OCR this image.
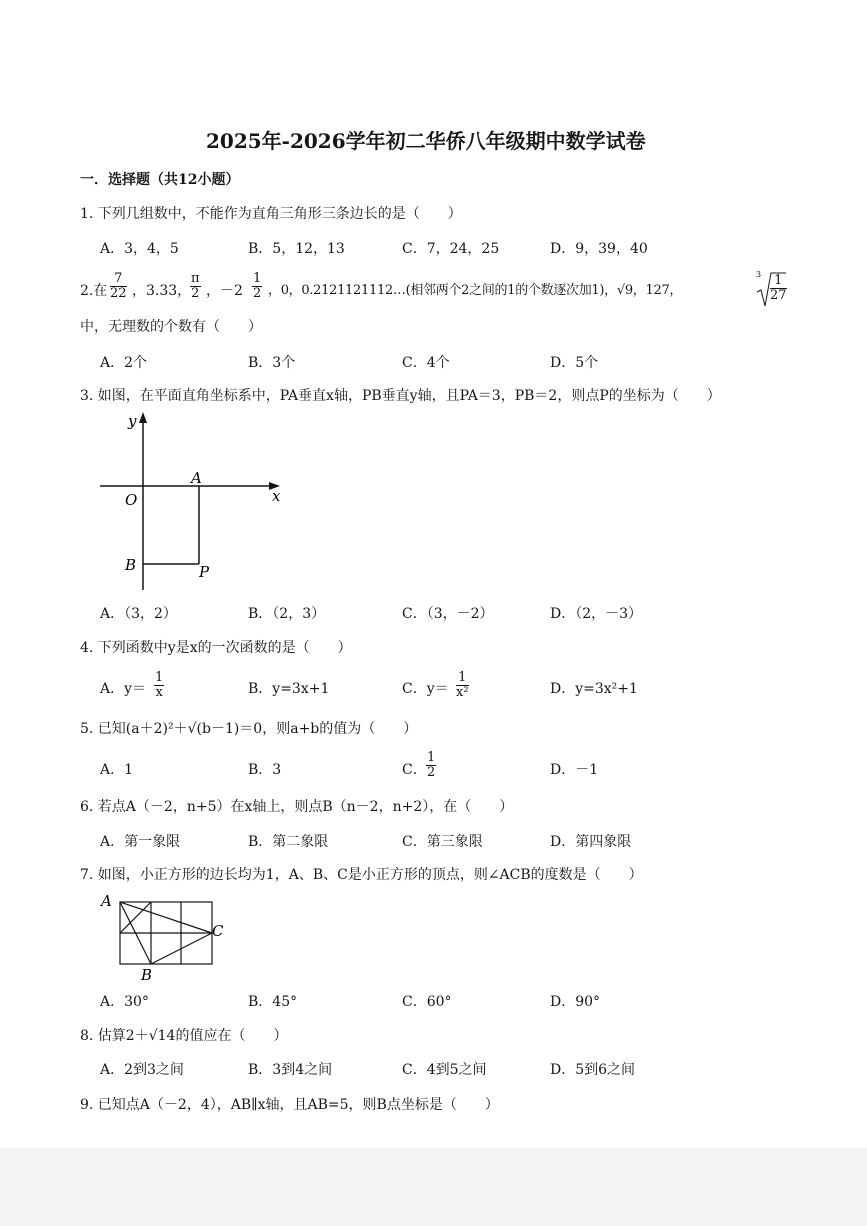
2025年-2026学年初二华侨八年级期中数学试卷
一．选择题（共12小题）
1. 下列几组数中，不能作为直角三角形三条边长的是（　　）
A．3，4，5	B．5，12，13	C．7，24，25	D．9，39，40
2.在 $\frac{7}{22}$ ，3.33，
$\frac{\pi}{2}$ ，$-2 \frac{1}{2}$ ，0，0.2121121112…(相邻两个2之间的1的个数逐次加1)，√9，127，
$3 \frac{1}{27}$
中，无理数的个数有（　　）
A．2个	B．3个	C．4个	D．5个
3. 如图，在平面直角坐标系中，PA垂直x轴，PB垂直y轴，且PA＝3，PB＝2，则点P的坐标为（　　）
y
x
O
A
B	P
A．（3，2）	B．（2，3）	C．（3，－2）	D．（2，－3）
4. 下列函数中y是x的一次函数的是（　　）
A．$y= \frac{1}{x}$	B．y=3x+1	C．$y= \frac{1}{\text{x²}}$	D．y=3x²+1
5. 已知(a＋2)²＋√(b－1)＝0，则a+b的值为（　　）
A．1	B．3	C． $\frac{1}{2}$	D．－1
6. 若点A（－2，n+5）在x轴上，则点B（n－2，n+2），在（　　）
A．第一象限	B．第二象限	C．第三象限	D．第四象限
7. 如图，小正方形的边长均为1，A、B、C是小正方形的顶点，则∠ACB的度数是（　　）
A
B
C
A．30°	B．45°	C．60°	D．90°
8. 估算2＋√14的值应在（　　）
A．2到3之间	B．3到4之间	C．4到5之间	D．5到6之间
9. 已知点A（－2，4），AB∥x轴，且AB=5，则B点坐标是（　　）
